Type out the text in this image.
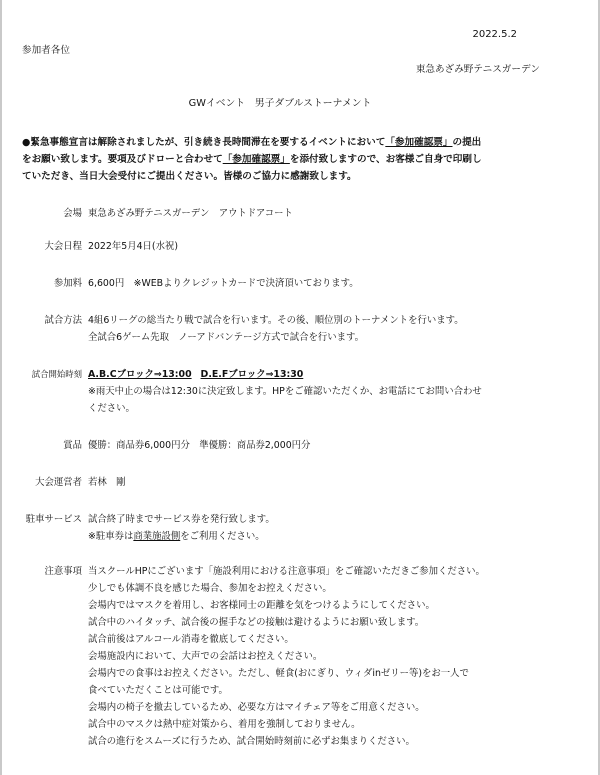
2022.5.2
参加者各位
東急あざみ野テニスガーデン
GWイベント　男子ダブルストーナメント
●緊急事態宣言は解除されましたが、引き続き長時間滞在を要するイベントにおいて「参加確認票」の提出
をお願い致します。要項及びドローと合わせて「参加確認票」を添付致しますので、お客様ご自身で印刷し
ていただき、当日大会受付にご提出ください。皆様のご協力に感謝致します。
会場 東急あざみ野テニスガーデン　アウトドアコート
大会日程 2022年5月4日(水祝)
参加料 6,600円　※WEBよりクレジットカードで決済頂いております。
試合方法 4組6リーグの総当たり戦で試合を行います。その後、順位別のトーナメントを行います。
全試合6ゲーム先取　ノーアドバンテージ方式で試合を行います。
試合開始時刻 A.B.Cブロック⇒13:00 D.E.Fブロック⇒13:30
※雨天中止の場合は12:30に決定致します。HPをご確認いただくか、お電話にてお問い合わせ
ください。
賞品 優勝：商品券6,000円分　準優勝：商品券2,000円分
大会運営者 若林　剛
駐車サービス 試合終了時までサービス券を発行致します。
※駐車券は商業施設側をご利用ください。
注意事項 当スクールHPにございます「施設利用における注意事項」をご確認いただきご参加ください。
少しでも体調不良を感じた場合、参加をお控えください。
会場内ではマスクを着用し、お客様同士の距離を気をつけるようにしてください。
試合中のハイタッチ、試合後の握手などの接触は避けるようにお願い致します。
試合前後はアルコール消毒を徹底してください。
会場施設内において、大声での会話はお控えください。
会場内での食事はお控えください。ただし、軽食(おにぎり、ウィダinゼリー等)をお一人で
食べていただくことは可能です。
会場内の椅子を撤去しているため、必要な方はマイチェア等をご用意ください。
試合中のマスクは熱中症対策から、着用を強制しておりません。
試合の進行をスムーズに行うため、試合開始時刻前に必ずお集まりください。
